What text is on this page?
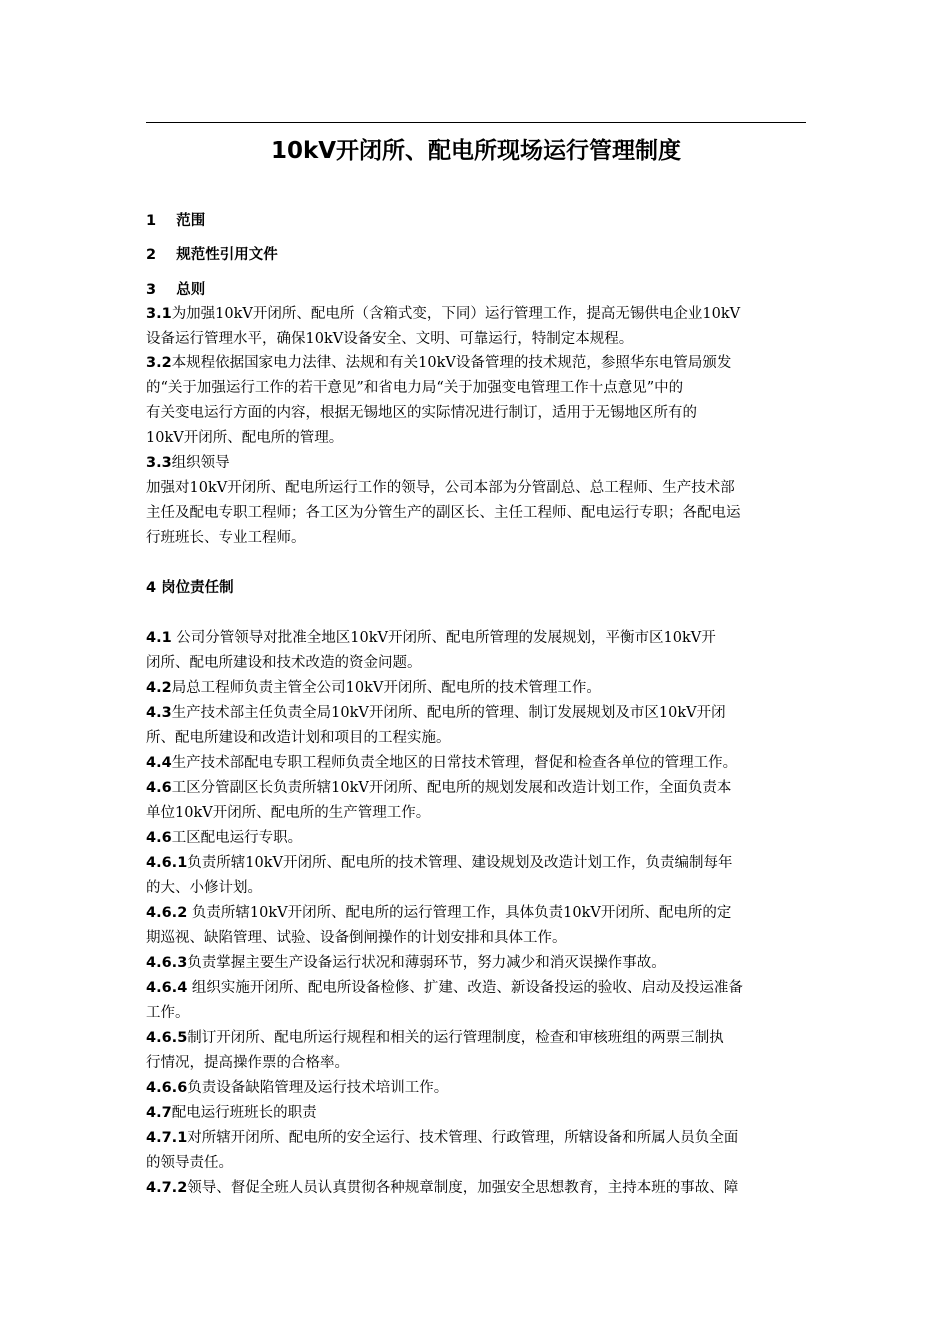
10kV开闭所、配电所现场运行管理制度
1 范围
2 规范性引用文件
3 总则
3.1为加强10kV开闭所、配电所（含箱式变，下同）运行管理工作，提高无锡供电企业10kV
设备运行管理水平，确保10kV设备安全、文明、可靠运行，特制定本规程。
3.2本规程依据国家电力法律、法规和有关10kV设备管理的技术规范，参照华东电管局颁发
的“关于加强运行工作的若干意见”和省电力局“关于加强变电管理工作十点意见”中的
有关变电运行方面的内容，根据无锡地区的实际情况进行制订，适用于无锡地区所有的
10kV开闭所、配电所的管理。
3.3组织领导
加强对10kV开闭所、配电所运行工作的领导，公司本部为分管副总、总工程师、生产技术部
主任及配电专职工程师；各工区为分管生产的副区长、主任工程师、配电运行专职；各配电运
行班班长、专业工程师。
4 岗位责任制
4.1 公司分管领导对批准全地区10kV开闭所、配电所管理的发展规划，平衡市区10kV开
闭所、配电所建设和技术改造的资金问题。
4.2局总工程师负责主管全公司10kV开闭所、配电所的技术管理工作。
4.3生产技术部主任负责全局10kV开闭所、配电所的管理、制订发展规划及市区10kV开闭
所、配电所建设和改造计划和项目的工程实施。
4.4生产技术部配电专职工程师负责全地区的日常技术管理，督促和检查各单位的管理工作。
4.6工区分管副区长负责所辖10kV开闭所、配电所的规划发展和改造计划工作，全面负责本
单位10kV开闭所、配电所的生产管理工作。
4.6工区配电运行专职。
4.6.1负责所辖10kV开闭所、配电所的技术管理、建设规划及改造计划工作，负责编制每年
的大、小修计划。
4.6.2 负责所辖10kV开闭所、配电所的运行管理工作，具体负责10kV开闭所、配电所的定
期巡视、缺陷管理、试验、设备倒闸操作的计划安排和具体工作。
4.6.3负责掌握主要生产设备运行状况和薄弱环节，努力减少和消灭误操作事故。
4.6.4 组织实施开闭所、配电所设备检修、扩建、改造、新设备投运的验收、启动及投运准备
工作。
4.6.5制订开闭所、配电所运行规程和相关的运行管理制度，检查和审核班组的两票三制执
行情况，提高操作票的合格率。
4.6.6负责设备缺陷管理及运行技术培训工作。
4.7配电运行班班长的职责
4.7.1对所辖开闭所、配电所的安全运行、技术管理、行政管理，所辖设备和所属人员负全面
的领导责任。
4.7.2领导、督促全班人员认真贯彻各种规章制度，加强安全思想教育，主持本班的事故、障
